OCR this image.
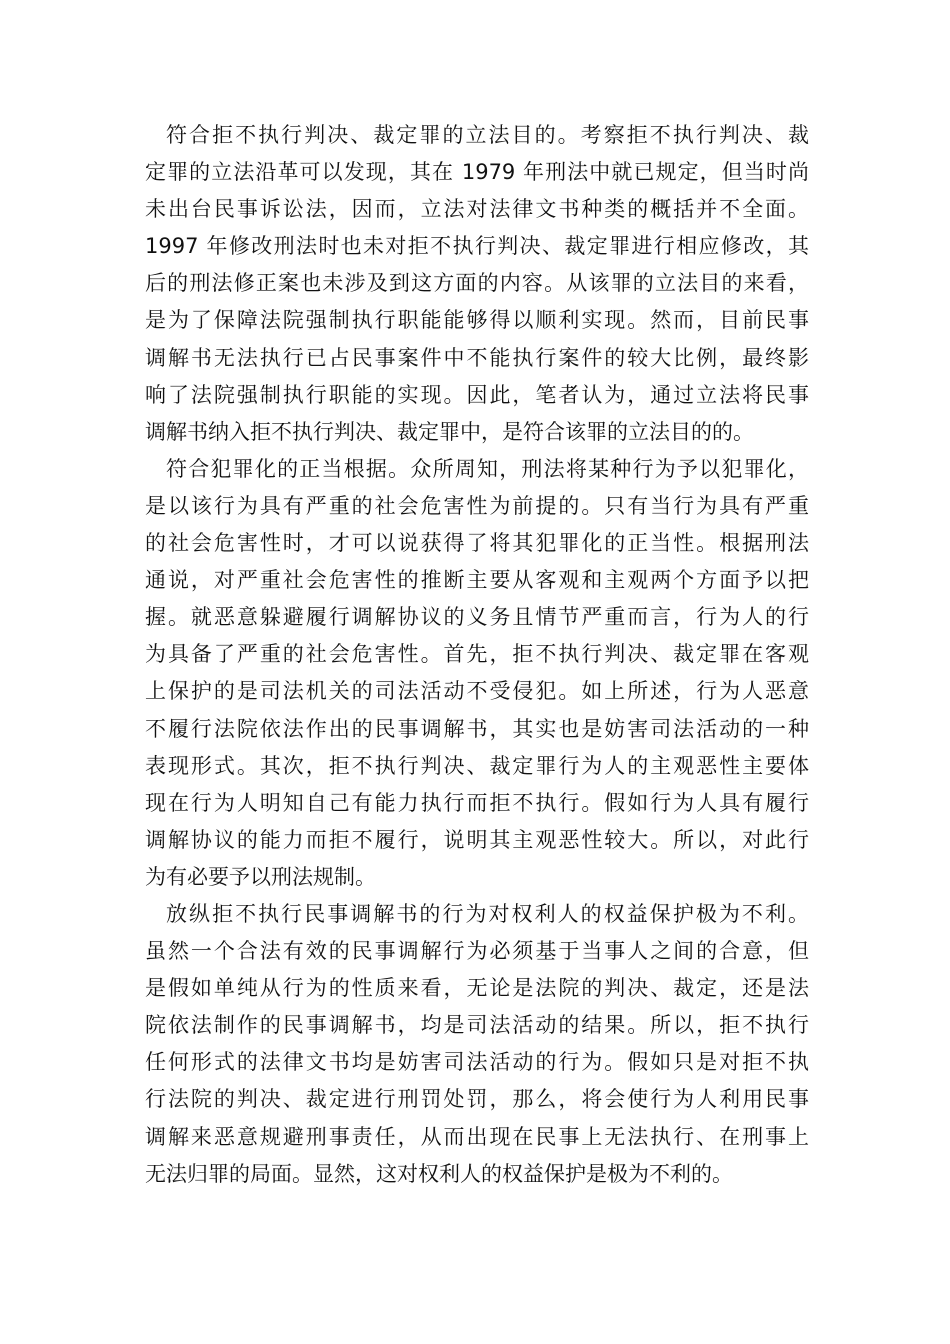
符合拒不执行判决、裁定罪的立法目的。考察拒不执行判决、裁
定罪的立法沿革可以发现，其在 1979 年刑法中就已规定，但当时尚
未出台民事诉讼法，因而，立法对法律文书种类的概括并不全面。
1997 年修改刑法时也未对拒不执行判决、裁定罪进行相应修改，其
后的刑法修正案也未涉及到这方面的内容。从该罪的立法目的来看，
是为了保障法院强制执行职能能够得以顺利实现。然而，目前民事
调解书无法执行已占民事案件中不能执行案件的较大比例，最终影
响了法院强制执行职能的实现。因此，笔者认为，通过立法将民事
调解书纳入拒不执行判决、裁定罪中，是符合该罪的立法目的的。
符合犯罪化的正当根据。众所周知，刑法将某种行为予以犯罪化，
是以该行为具有严重的社会危害性为前提的。只有当行为具有严重
的社会危害性时，才可以说获得了将其犯罪化的正当性。根据刑法
通说，对严重社会危害性的推断主要从客观和主观两个方面予以把
握。就恶意躲避履行调解协议的义务且情节严重而言，行为人的行
为具备了严重的社会危害性。首先，拒不执行判决、裁定罪在客观
上保护的是司法机关的司法活动不受侵犯。如上所述，行为人恶意
不履行法院依法作出的民事调解书，其实也是妨害司法活动的一种
表现形式。其次，拒不执行判决、裁定罪行为人的主观恶性主要体
现在行为人明知自己有能力执行而拒不执行。假如行为人具有履行
调解协议的能力而拒不履行，说明其主观恶性较大。所以，对此行
为有必要予以刑法规制。
放纵拒不执行民事调解书的行为对权利人的权益保护极为不利。
虽然一个合法有效的民事调解行为必须基于当事人之间的合意，但
是假如单纯从行为的性质来看，无论是法院的判决、裁定，还是法
院依法制作的民事调解书，均是司法活动的结果。所以，拒不执行
任何形式的法律文书均是妨害司法活动的行为。假如只是对拒不执
行法院的判决、裁定进行刑罚处罚，那么，将会使行为人利用民事
调解来恶意规避刑事责任，从而出现在民事上无法执行、在刑事上
无法归罪的局面。显然，这对权利人的权益保护是极为不利的。
